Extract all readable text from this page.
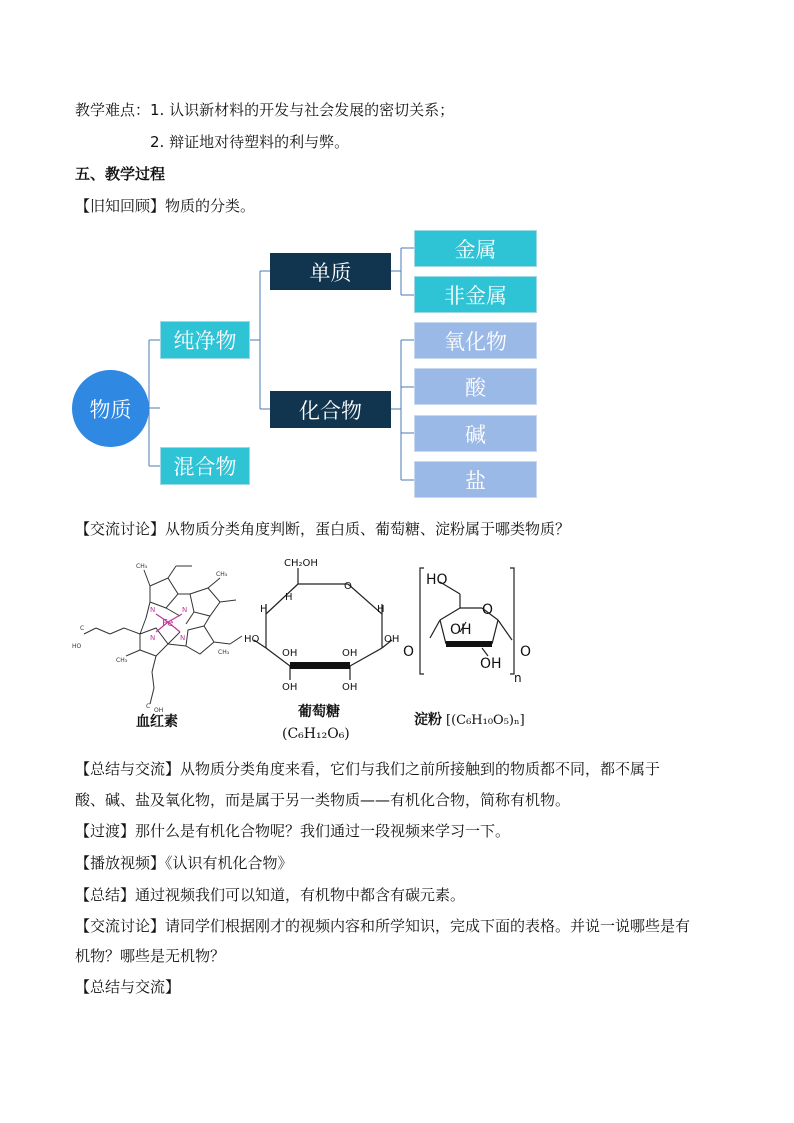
教学难点：1. 认识新材料的开发与社会发展的密切关系；
2. 辩证地对待塑料的利与弊。
五、教学过程
【旧知回顾】物质的分类。
物质
纯净物
混合物
单质
化合物
金属
非金属
氧化物
酸
碱
盐
【交流讨论】从物质分类角度判断，蛋白质、葡萄糖、淀粉属于哪类物质？
Fe
N	N
N
N
CH₃
CH₃
CH₃
CH₃
C
HO
C
OH
血红素
CH₂OH
O
H
H	H
HO	OH
OH	OH
OH	OH
葡萄糖
(C₆H₁₂O₆)
HO
O
OH
OH
O	O
n
淀粉 [(C₆H₁₀O₅)ₙ]
【总结与交流】从物质分类角度来看，它们与我们之前所接触到的物质都不同，都不属于
酸、碱、盐及氧化物，而是属于另一类物质——有机化合物，简称有机物。
【过渡】那什么是有机化合物呢？我们通过一段视频来学习一下。
【播放视频】《认识有机化合物》
【总结】通过视频我们可以知道，有机物中都含有碳元素。
【交流讨论】请同学们根据刚才的视频内容和所学知识，完成下面的表格。并说一说哪些是有
机物？哪些是无机物？
【总结与交流】
